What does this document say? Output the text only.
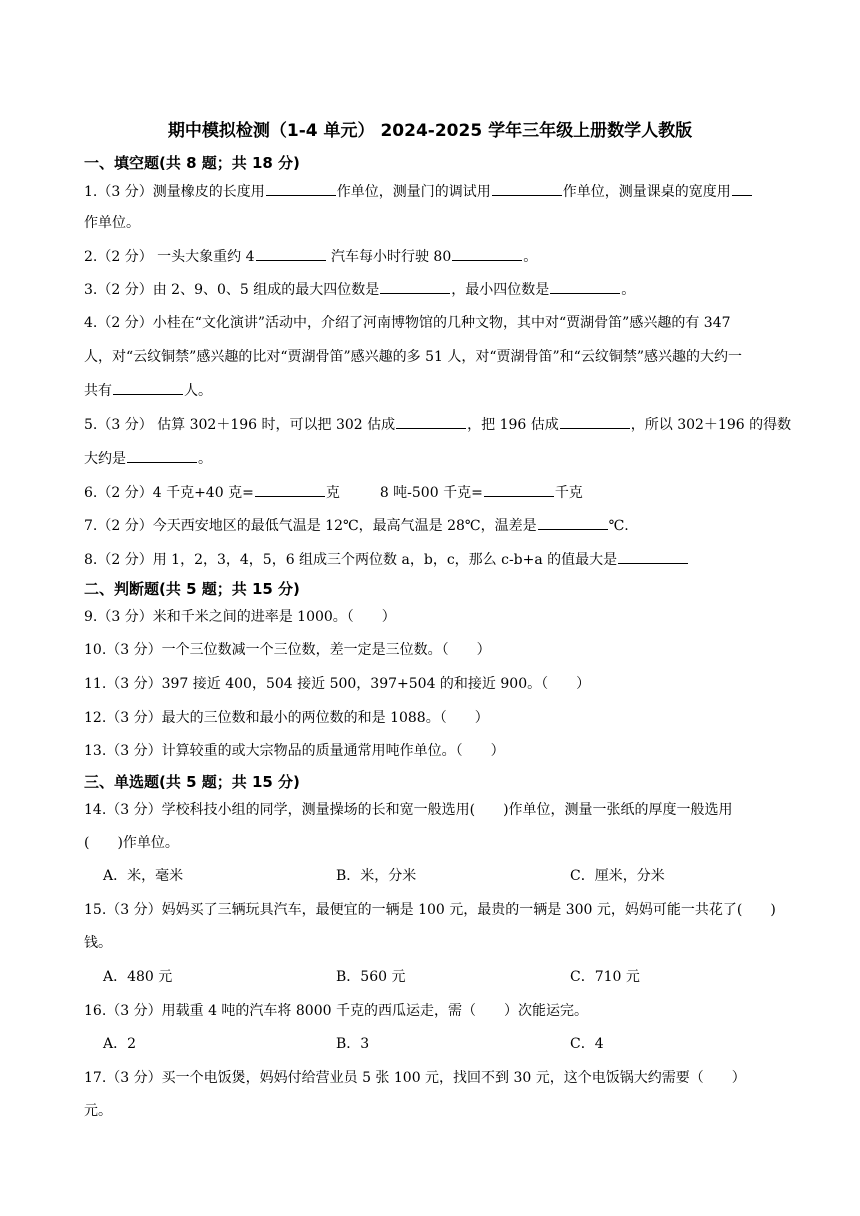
期中模拟检测（1-4 单元） 2024-2025 学年三年级上册数学人教版
一、填空题(共 8 题；共 18 分)
1.（3 分）测量橡皮的长度用	作单位，测量门的调试用	作单位，测量课桌的宽度用
作单位。
2.（2 分） 一头大象重约 4	汽车每小时行驶 80	。
3.（2 分）由 2、9、0、5 组成的最大四位数是	，最小四位数是	。
4.（2 分）小桂在“文化演讲”活动中，介绍了河南博物馆的几种文物，其中对“贾湖骨笛”感兴趣的有 347
人，对“云纹铜禁”感兴趣的比对“贾湖骨笛”感兴趣的多 51 人，对“贾湖骨笛”和“云纹铜禁”感兴趣的大约一
共有	人。
5.（3 分） 估算 302＋196 时，可以把 302 估成	，把 196 估成	，所以 302＋196 的得数
大约是	。
6.（2 分）4 千克+40 克=	克	8 吨-500 千克=	千克
7.（2 分）今天西安地区的最低气温是 12℃，最高气温是 28℃，温差是	℃.
8.（2 分）用 1，2，3，4，5，6 组成三个两位数 a，b，c，那么 c-b+a 的值最大是
二、判断题(共 5 题；共 15 分)
9.（3 分）米和千米之间的进率是 1000。（　　）
10.（3 分）一个三位数减一个三位数，差一定是三位数。（　　）
11.（3 分）397 接近 400，504 接近 500，397+504 的和接近 900。（　　）
12.（3 分）最大的三位数和最小的两位数的和是 1088。（　　）
13.（3 分）计算较重的或大宗物品的质量通常用吨作单位。（　　）
三、单选题(共 5 题；共 15 分)
14.（3 分）学校科技小组的同学，测量操场的长和宽一般选用(　　)作单位，测量一张纸的厚度一般选用
(　　)作单位。
A．米，毫米	B．米，分米	C．厘米，分米
15.（3 分）妈妈买了三辆玩具汽车，最便宜的一辆是 100 元，最贵的一辆是 300 元，妈妈可能一共花了(　　)
钱。
A．480 元	B．560 元	C．710 元
16.（3 分）用载重 4 吨的汽车将 8000 千克的西瓜运走，需（　　）次能运完。
A．2	B．3	C．4
17.（3 分）买一个电饭煲，妈妈付给营业员 5 张 100 元，找回不到 30 元，这个电饭锅大约需要（　　）
元。
